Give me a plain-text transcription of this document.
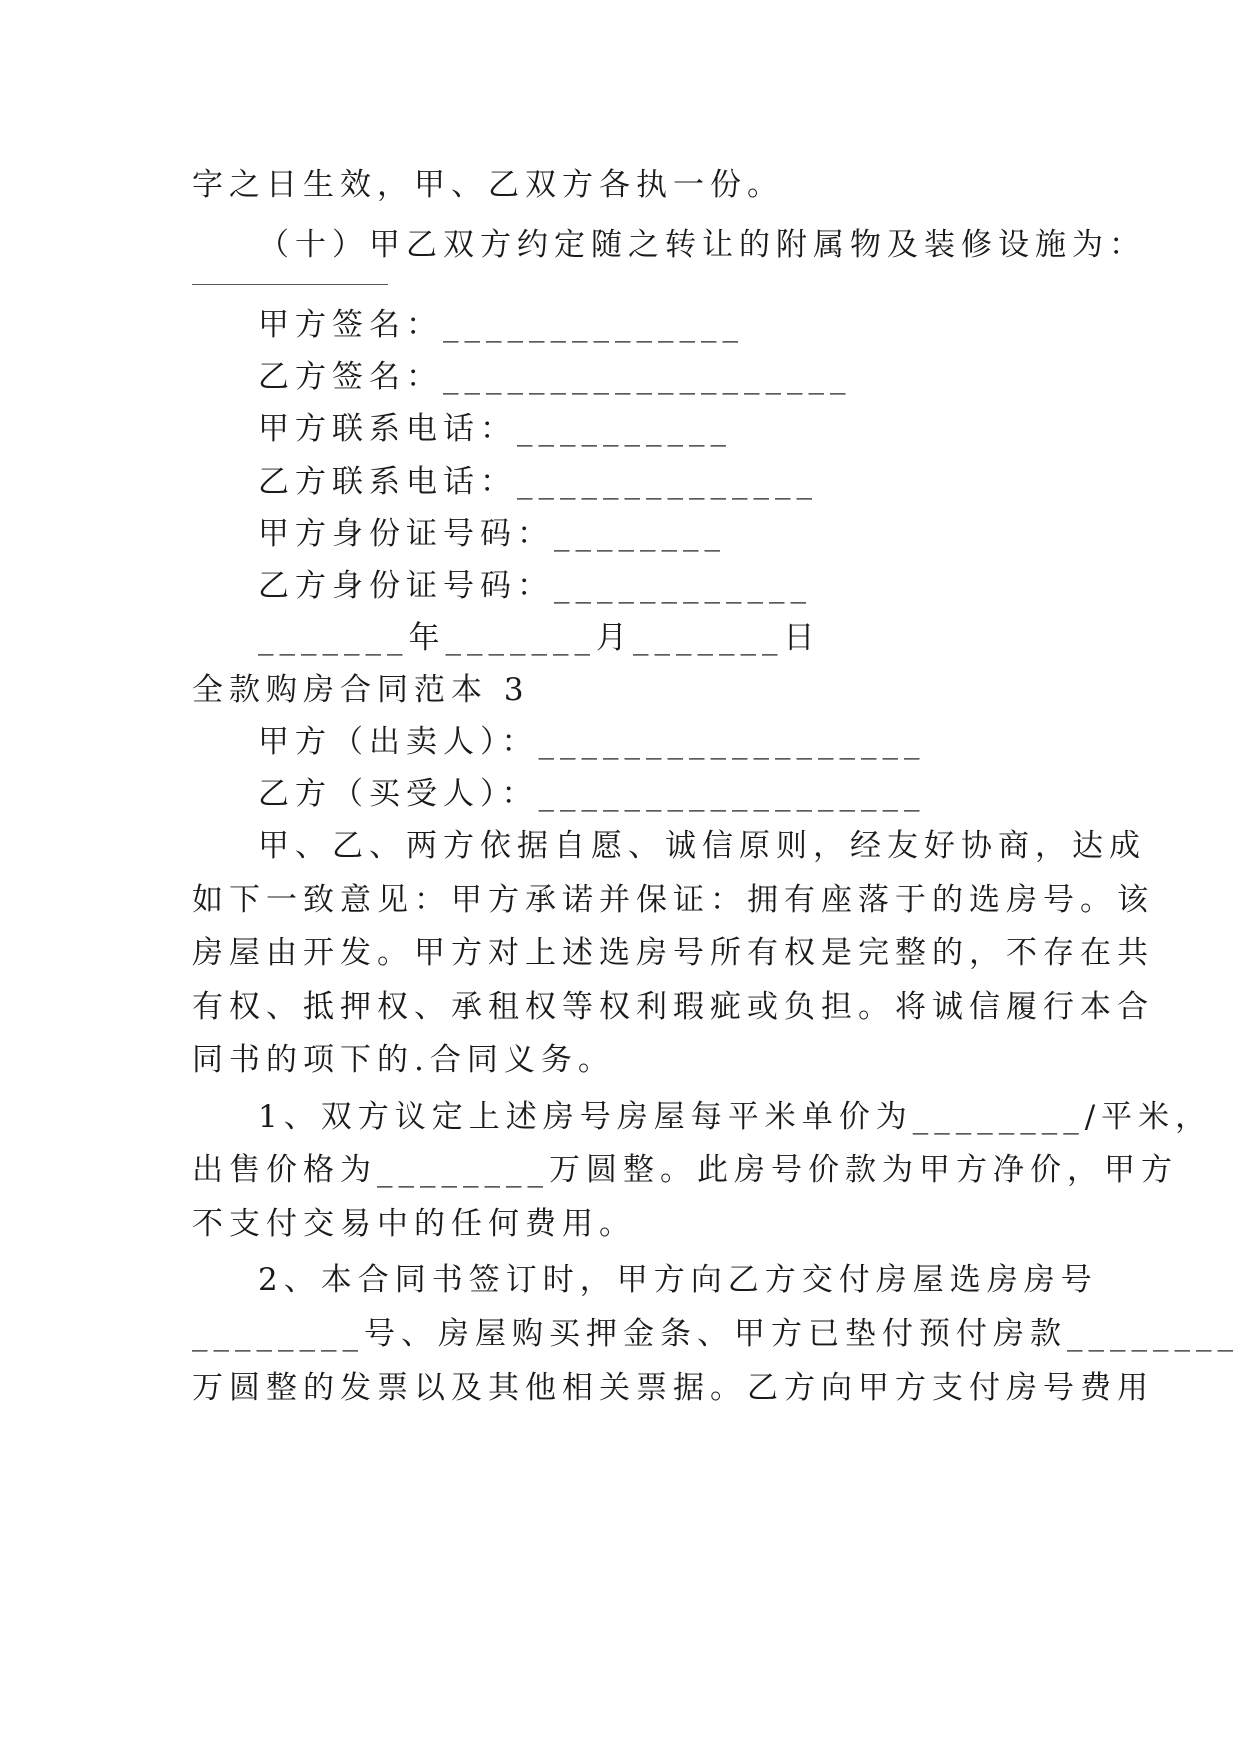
字之日生效，甲、乙双方各执一份。
（十）甲乙双方约定随之转让的附属物及装修设施为：
甲方签名：______________
乙方签名：___________________
甲方联系电话：__________
乙方联系电话：______________
甲方身份证号码：________
乙方身份证号码：____________
_______年_______月_______日
全款购房合同范本 3
甲方（出卖人）：__________________
乙方（买受人）：__________________
甲、乙、两方依据自愿、诚信原则，经友好协商，达成
如下一致意见：甲方承诺并保证：拥有座落于的选房号。该
房屋由开发。甲方对上述选房号所有权是完整的，不存在共
有权、抵押权、承租权等权利瑕疵或负担。将诚信履行本合
同书的项下的.合同义务。
1、双方议定上述房号房屋每平米单价为________/平米，
出售价格为________万圆整。此房号价款为甲方净价，甲方
不支付交易中的任何费用。
2、本合同书签订时，甲方向乙方交付房屋选房房号
________号、房屋购买押金条、甲方已垫付预付房款________
万圆整的发票以及其他相关票据。乙方向甲方支付房号费用
